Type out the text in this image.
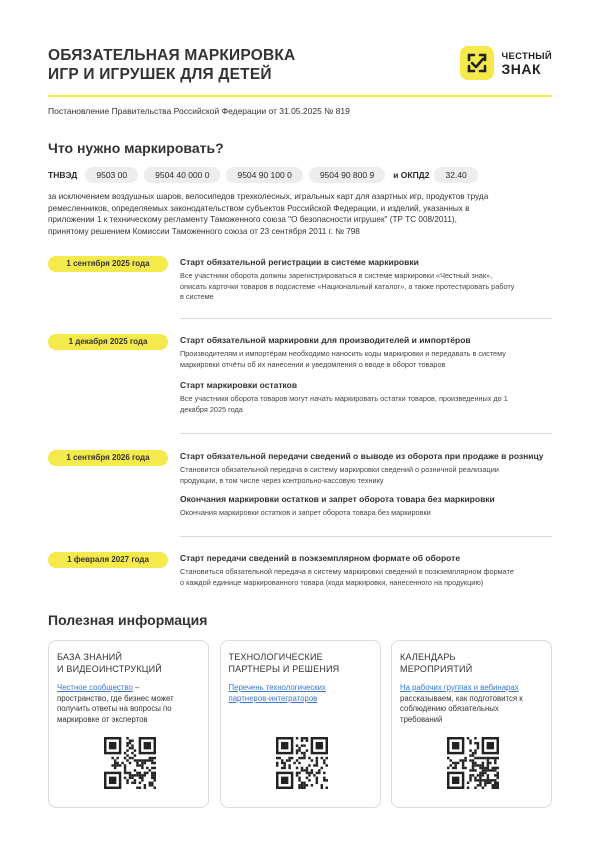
ОБЯЗАТЕЛЬНАЯ МАРКИРОВКА
ИГР И ИГРУШЕК ДЛЯ ДЕТЕЙ
ЧЕСТНЫЙ
ЗНАК
Постановление Правительства Российской Федерации от 31.05.2025 № 819
Что нужно маркировать?
ТНВЭД	9503 00	9504 40 000 0	9504 90 100 0	9504 90 800 9	и ОКПД2	32.40
за исключением воздушных шаров, велосипедов трехколесных, игральных карт для азартных игр, продуктов труда
ремесленников, определяемых законодательством субъектов Российской Федерации, и изделий, указанных в
приложении 1 к техническому регламенту Таможенного союза "О безопасности игрушек" (ТР ТС 008/2011),
принятому решением Комиссии Таможенного союза от 23 сентября 2011 г. № 798
1 сентября 2025 года	Старт обязательной регистрации в системе маркировки
Все участники оборота должны зарегистрироваться в системе маркировки «Честный знак»,
описать карточки товаров в подсистеме «Национальный каталог», а также протестировать работу
в системе
1 декабря 2025 года	Старт обязательной маркировки для производителей и импортёров
Производителям и импортёрам необходимо наносить коды маркировки и передавать в систему
маркировки отчёты об их нанесении и уведомления о вводе в оборот товаров
Старт маркировки остатков
Все участники оборота товаров могут начать маркировать остатки товаров, произведенных до 1
декабря 2025 года
1 сентября 2026 года	Старт обязательной передачи сведений о выводе из оборота при продаже в розницу
Становится обязательной передача в систему маркировки сведений о розничной реализации
продукции, в том числе через контрольно-кассовую технику
Окончания маркировки остатков и запрет оборота товара без маркировки
Окончания маркировки остатков и запрет оборота товара без маркировки
1 февраля 2027 года	Старт передачи сведений в поэкземплярном формате об обороте
Становиться обязательной передача в систему маркировки сведений в поэкземплярном формате
о каждой единице маркированного товара (кода маркировки, нанесенного на продукцию)
Полезная информация
БАЗА ЗНАНИЙ
И ВИДЕОИНСТРУКЦИЙ
Честное сообщество –
пространство, где бизнес может
получить ответы на вопросы по
маркировке от экспертов
ТЕХНОЛОГИЧЕСКИЕ
ПАРТНЕРЫ И РЕШЕНИЯ
Перечень технологических
партнеров-интеграторов
КАЛЕНДАРЬ
МЕРОПРИЯТИЙ
На рабочих группах и вебинарах
рассказываем, как подготовится к
соблюдению обязательных
требований
